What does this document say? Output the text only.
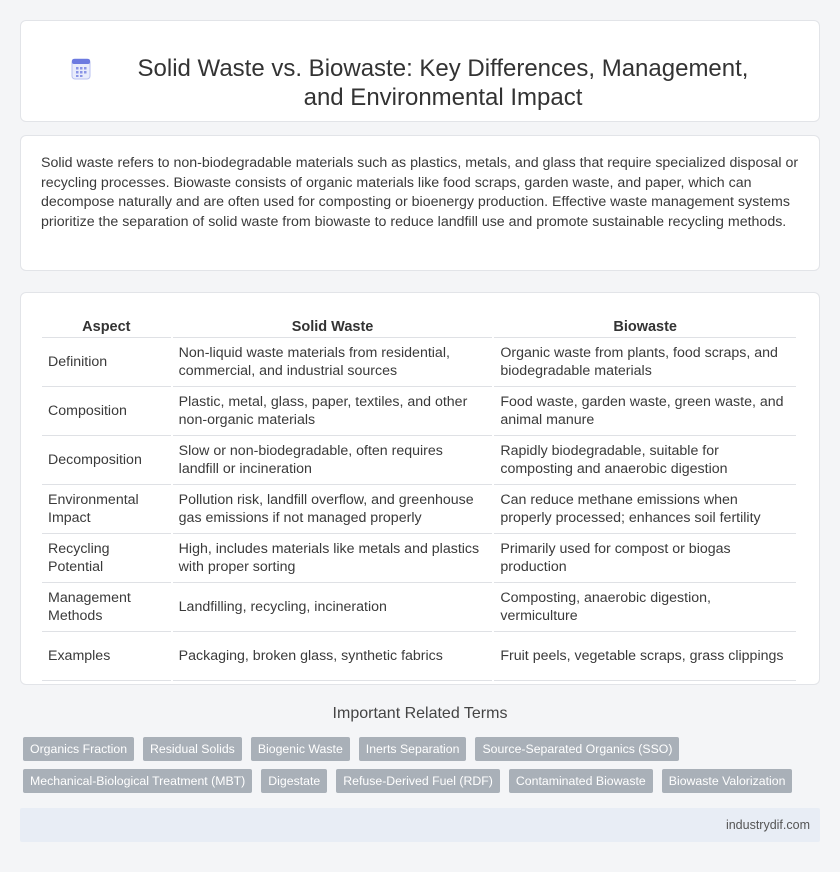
Solid Waste vs. Biowaste: Key Differences, Management, and Environmental Impact

Solid waste refers to non-biodegradable materials such as plastics, metals, and glass that require specialized disposal or recycling processes. Biowaste consists of organic materials like food scraps, garden waste, and paper, which can decompose naturally and are often used for composting or bioenergy production. Effective waste management systems prioritize the separation of solid waste from biowaste to reduce landfill use and promote sustainable recycling methods.

Aspect	Solid Waste	Biowaste
Definition	Non-liquid waste materials from residential, commercial, and industrial sources	Organic waste from plants, food scraps, and biodegradable materials
Composition	Plastic, metal, glass, paper, textiles, and other non-organic materials	Food waste, garden waste, green waste, and animal manure
Decomposition	Slow or non-biodegradable, often requires landfill or incineration	Rapidly biodegradable, suitable for composting and anaerobic digestion
Environmental Impact	Pollution risk, landfill overflow, and greenhouse gas emissions if not managed properly	Can reduce methane emissions when properly processed; enhances soil fertility
Recycling Potential	High, includes materials like metals and plastics with proper sorting	Primarily used for compost or biogas production
Management Methods	Landfilling, recycling, incineration	Composting, anaerobic digestion, vermiculture
Examples	Packaging, broken glass, synthetic fabrics	Fruit peels, vegetable scraps, grass clippings
Important Related Terms
Organics Fraction	Residual Solids	Biogenic Waste	Inerts Separation	Source-Separated Organics (SSO)
Mechanical-Biological Treatment (MBT)	Digestate	Refuse-Derived Fuel (RDF)	Contaminated Biowaste	Biowaste Valorization
industrydif.com
